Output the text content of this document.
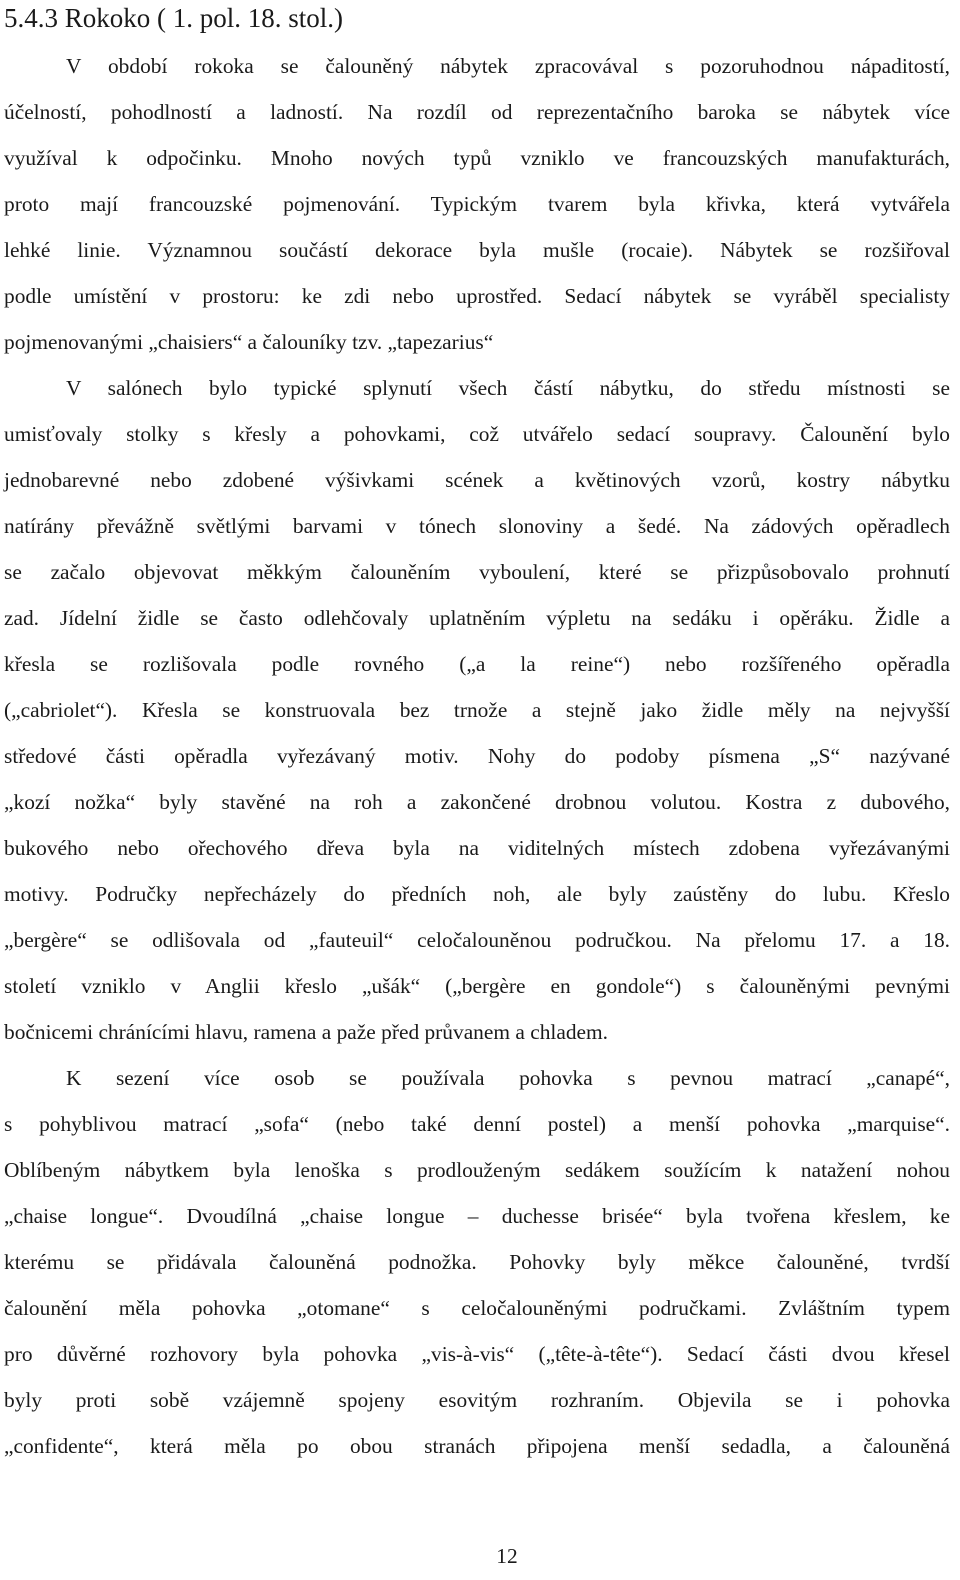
5.4.3 Rokoko ( 1. pol. 18. stol.)
V období rokoka se čalouněný nábytek zpracovával s pozoruhodnou nápaditostí,
účelností, pohodlností a ladností. Na rozdíl od reprezentačního baroka se nábytek více
využíval k odpočinku. Mnoho nových typů vzniklo ve francouzských manufakturách,
proto mají francouzské pojmenování. Typickým tvarem byla křivka, která vytvářela
lehké linie. Významnou součástí dekorace byla mušle (rocaie). Nábytek se rozšiřoval
podle umístění v prostoru: ke zdi nebo uprostřed. Sedací nábytek se vyráběl specialisty
pojmenovanými „chaisiers“ a čalouníky tzv. „tapezarius“
V salónech bylo typické splynutí všech částí nábytku, do středu místnosti se
umisťovaly stolky s křesly a pohovkami, což utvářelo sedací soupravy. Čalounění bylo
jednobarevné nebo zdobené výšivkami scének a květinových vzorů, kostry nábytku
natírány převážně světlými barvami v tónech slonoviny a šedé. Na zádových opěradlech
se začalo objevovat měkkým čalouněním vyboulení, které se přizpůsobovalo prohnutí
zad. Jídelní židle se často odlehčovaly uplatněním výpletu na sedáku i opěráku. Židle a
křesla se rozlišovala podle rovného („a la reine“) nebo rozšířeného opěradla
(„cabriolet“). Křesla se konstruovala bez trnože a stejně jako židle měly na nejvyšší
středové části opěradla vyřezávaný motiv. Nohy do podoby písmena „S“ nazývané
„kozí nožka“ byly stavěné na roh a zakončené drobnou volutou. Kostra z dubového,
bukového nebo ořechového dřeva byla na viditelných místech zdobena vyřezávanými
motivy. Područky nepřecházely do předních noh, ale byly zaústěny do lubu. Křeslo
„bergère“ se odlišovala od „fauteuil“ celočalouněnou područkou. Na přelomu 17. a 18.
století vzniklo v Anglii křeslo „ušák“ („bergère en gondole“) s čalouněnými pevnými
bočnicemi chránícími hlavu, ramena a paže před průvanem a chladem.
K sezení více osob se používala pohovka s pevnou matrací „canapé“,
s pohyblivou matrací „sofa“ (nebo také denní postel) a menší pohovka „marquise“.
Oblíbeným nábytkem byla lenoška s prodlouženým sedákem soužícím k natažení nohou
„chaise longue“. Dvoudílná „chaise longue – duchesse brisée“ byla tvořena křeslem, ke
kterému se přidávala čalouněná podnožka. Pohovky byly měkce čalouněné, tvrdší
čalounění měla pohovka „otomane“ s celočalouněnými područkami. Zvláštním typem
pro důvěrné rozhovory byla pohovka „vis-à-vis“ („tête-à-tête“). Sedací části dvou křesel
byly proti sobě vzájemně spojeny esovitým rozhraním. Objevila se i pohovka
„confidente“, která měla po obou stranách připojena menší sedadla, a čalouněná
12
